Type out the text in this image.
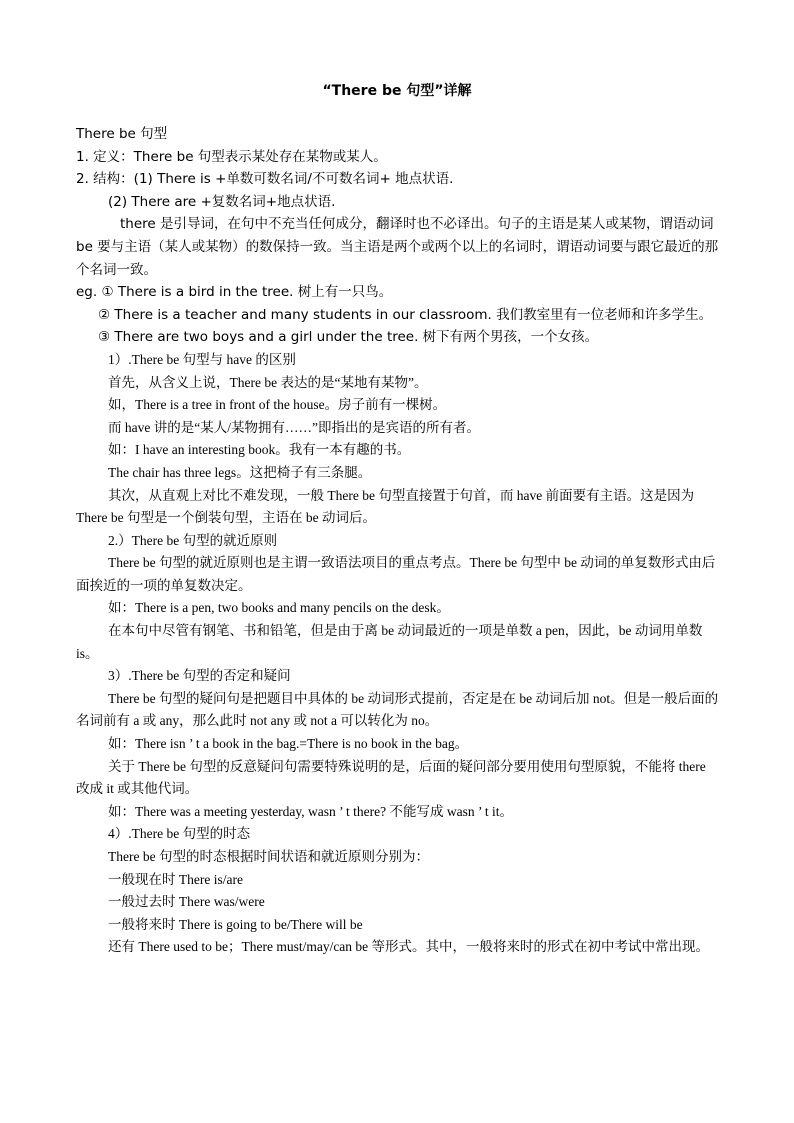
“There be 句型”详解

There be 句型

1. 定义：There be 句型表示某处存在某物或某人。

2. 结构：(1) There is +单数可数名词/不可数名词+ 地点状语.

(2) There are +复数名词+地点状语.

there 是引导词，在句中不充当任何成分，翻译时也不必译出。句子的主语是某人或某物，谓语动词 be 要与主语（某人或某物）的数保持一致。当主语是两个或两个以上的名词时，谓语动词要与跟它最近的那个名词一致。

eg. ① There is a bird in the tree. 树上有一只鸟。

② There is a teacher and many students in our classroom. 我们教室里有一位老师和许多学生。

③ There are two boys and a girl under the tree. 树下有两个男孩，一个女孩。

1）.There be 句型与 have 的区别

首先，从含义上说，There be 表达的是“某地有某物”。

如，There is a tree in front of the house。房子前有一棵树。

而 have 讲的是“某人/某物拥有……”即指出的是宾语的所有者。

如：I have an interesting book。我有一本有趣的书。

The chair has three legs。这把椅子有三条腿。

其次，从直观上对比不难发现，一般 There be 句型直接置于句首，而 have 前面要有主语。这是因为 There be 句型是一个倒装句型，主语在 be 动词后。

2.）There be 句型的就近原则

There be 句型的就近原则也是主谓一致语法项目的重点考点。There be 句型中 be 动词的单复数形式由后面挨近的一项的单复数决定。

如：There is a pen, two books and many pencils on the desk。

在本句中尽管有钢笔、书和铅笔，但是由于离 be 动词最近的一项是单数 a pen，因此，be 动词用单数 is。

3）.There be 句型的否定和疑问

There be 句型的疑问句是把题目中具体的 be 动词形式提前，否定是在 be 动词后加 not。但是一般后面的名词前有 a 或 any，那么此时 not any 或 not a 可以转化为 no。

如：There isn ’ t a book in the bag.=There is no book in the bag。

关于 There be 句型的反意疑问句需要特殊说明的是，后面的疑问部分要用使用句型原貌，不能将 there 改成 it 或其他代词。

如：There was a meeting yesterday, wasn ’ t there? 不能写成 wasn ’ t it。

4）.There be 句型的时态

There be 句型的时态根据时间状语和就近原则分别为：

一般现在时 There is/are

一般过去时 There was/were

一般将来时 There is going to be/There will be

还有 There used to be；There must/may/can be 等形式。其中，一般将来时的形式在初中考试中常出现。
